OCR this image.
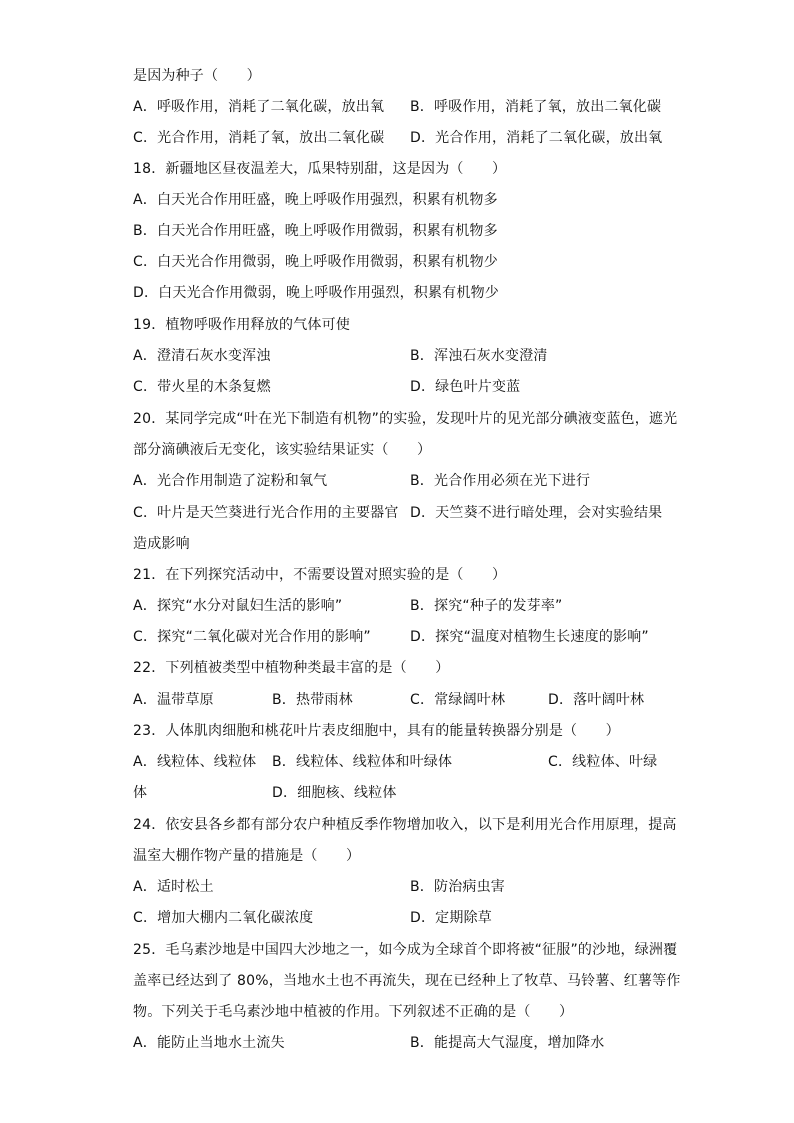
是因为种子（　　）
A．呼吸作用，消耗了二氧化碳，放出氧 B．呼吸作用，消耗了氧，放出二氧化碳
C．光合作用，消耗了氧，放出二氧化碳 D．光合作用，消耗了二氧化碳，放出氧
18．新疆地区昼夜温差大，瓜果特别甜，这是因为（　　）
A．白天光合作用旺盛，晚上呼吸作用强烈，积累有机物多
B．白天光合作用旺盛，晚上呼吸作用微弱，积累有机物多
C．白天光合作用微弱，晚上呼吸作用微弱，积累有机物少
D．白天光合作用微弱，晚上呼吸作用强烈，积累有机物少
19．植物呼吸作用释放的气体可使
A．澄清石灰水变浑浊	B．浑浊石灰水变澄清
C．带火星的木条复燃	D．绿色叶片变蓝
20．某同学完成“叶在光下制造有机物”的实验，发现叶片的见光部分碘液变蓝色，遮光
部分滴碘液后无变化，该实验结果证实（　　）
A．光合作用制造了淀粉和氧气	B．光合作用必须在光下进行
C．叶片是天竺葵进行光合作用的主要器官 D．天竺葵不进行暗处理，会对实验结果
造成影响
21．在下列探究活动中，不需要设置对照实验的是（　　）
A．探究“水分对鼠妇生活的影响”	B．探究“种子的发芽率”
C．探究“二氧化碳对光合作用的影响”	D．探究“温度对植物生长速度的影响”
22．下列植被类型中植物种类最丰富的是（　　）
A．温带草原	B．热带雨林	C．常绿阔叶林	D．落叶阔叶林
23．人体肌肉细胞和桃花叶片表皮细胞中，具有的能量转换器分别是（　　）
A．线粒体、线粒体 B．线粒体、线粒体和叶绿体	C．线粒体、叶绿
体	D．细胞核、线粒体
24．依安县各乡都有部分农户种植反季作物增加收入，以下是利用光合作用原理，提高
温室大棚作物产量的措施是（　　）
A．适时松土	B．防治病虫害
C．增加大棚内二氧化碳浓度	D．定期除草
25．毛乌素沙地是中国四大沙地之一，如今成为全球首个即将被“征服”的沙地，绿洲覆
盖率已经达到了 80%，当地水土也不再流失，现在已经种上了牧草、马铃薯、红薯等作
物。下列关于毛乌素沙地中植被的作用。下列叙述不正确的是（　　）
A．能防止当地水土流失	B．能提高大气湿度，增加降水
